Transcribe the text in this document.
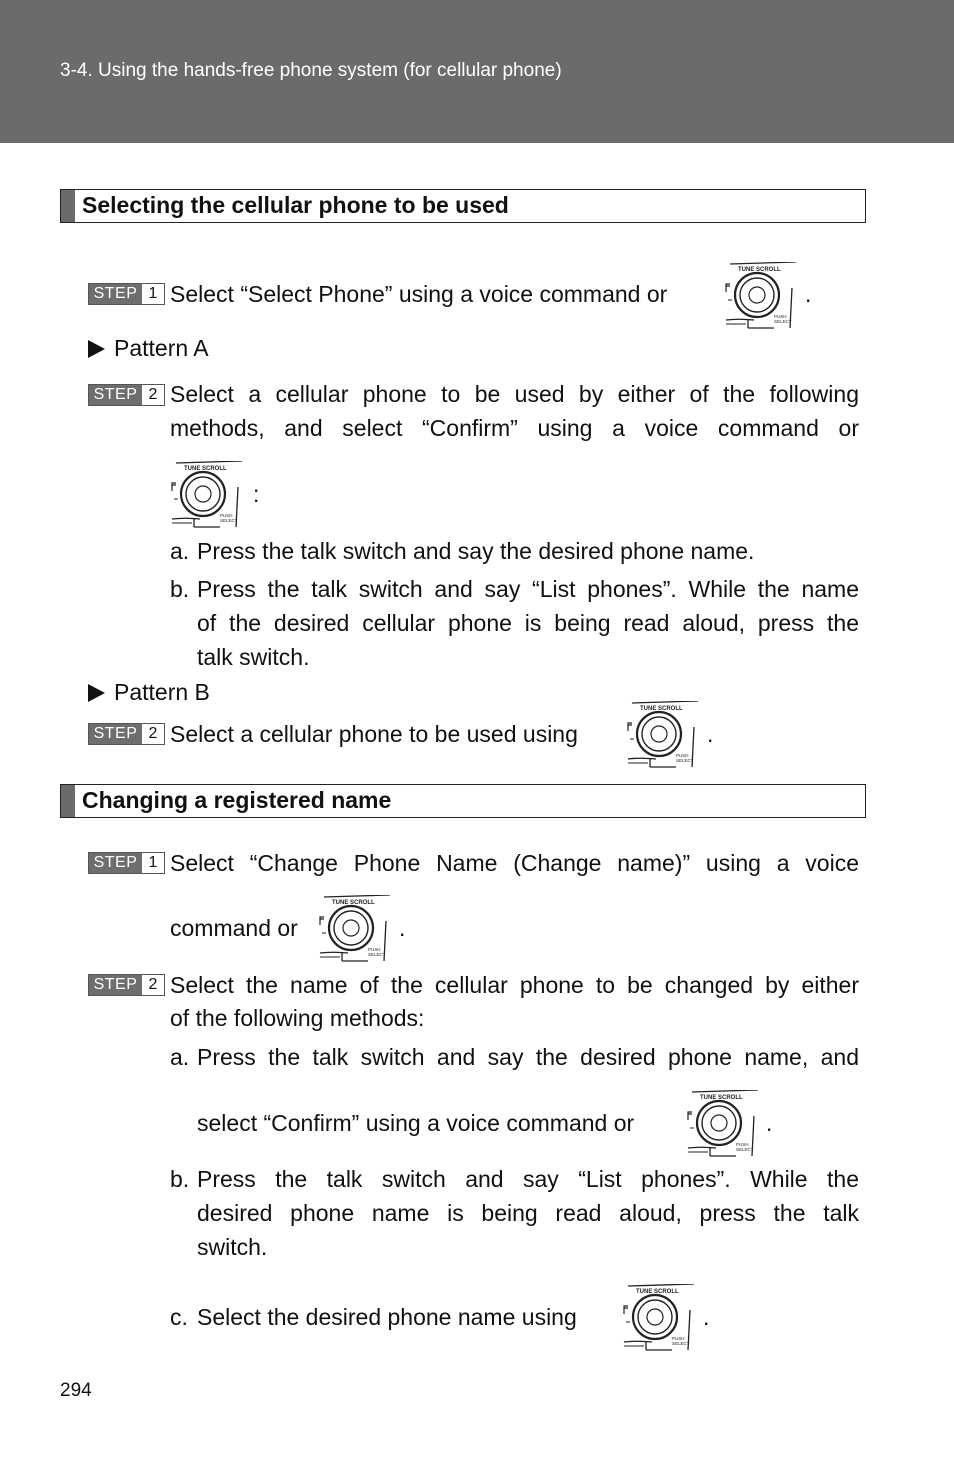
3-4. Using the hands-free phone system (for cellular phone)
Selecting the cellular phone to be used
STEP 1 Select “Select Phone” using a voice command or	.
Pattern A
STEP 2 Select a cellular phone to be used by either of the following
methods, and select “Confirm” using a voice command or
:
a. Press the talk switch and say the desired phone name.
b. Press the talk switch and say “List phones”. While the name
of the desired cellular phone is being read aloud, press the
talk switch.
Pattern B
STEP 2 Select a cellular phone to be used using	.
Changing a registered name
STEP 1 Select “Change Phone Name (Change name)” using a voice
command or	.
STEP 2 Select the name of the cellular phone to be changed by either
of the following methods:
a. Press the talk switch and say the desired phone name, and
select “Confirm” using a voice command or	.
b. Press the talk switch and say “List phones”. While the
desired phone name is being read aloud, press the talk
switch.
c. Select the desired phone name using	.
294
